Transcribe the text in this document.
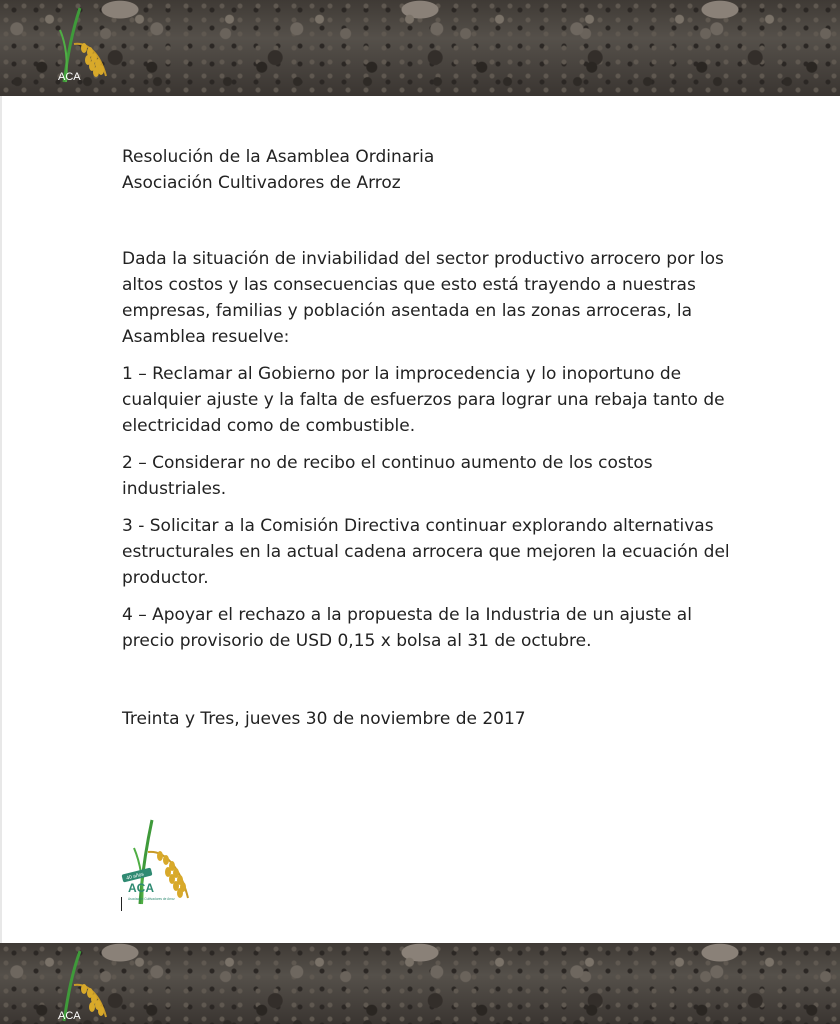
ACA

Resolución de la Asamblea Ordinaria

Asociación Cultivadores de Arroz

Dada la situación de inviabilidad del sector productivo arrocero por los altos costos y las consecuencias que esto está trayendo a nuestras empresas, familias y población asentada en las zonas arroceras, la Asamblea resuelve:

1 – Reclamar al Gobierno por la improcedencia y lo inoportuno de cualquier ajuste y la falta de esfuerzos para lograr una rebaja tanto de electricidad como de combustible.

2 – Considerar no de recibo el continuo aumento de los costos industriales.

3 - Solicitar a la Comisión Directiva continuar explorando alternativas estructurales en la actual cadena arrocera que mejoren la ecuación del productor.

4 – Apoyar el rechazo a la propuesta de la Industria de un ajuste al precio provisorio de USD 0,15 x bolsa al 31 de octubre.

Treinta y Tres, jueves 30 de noviembre de 2017

40 años
ACA
Asociación Cultivadores de Arroz
ACA
